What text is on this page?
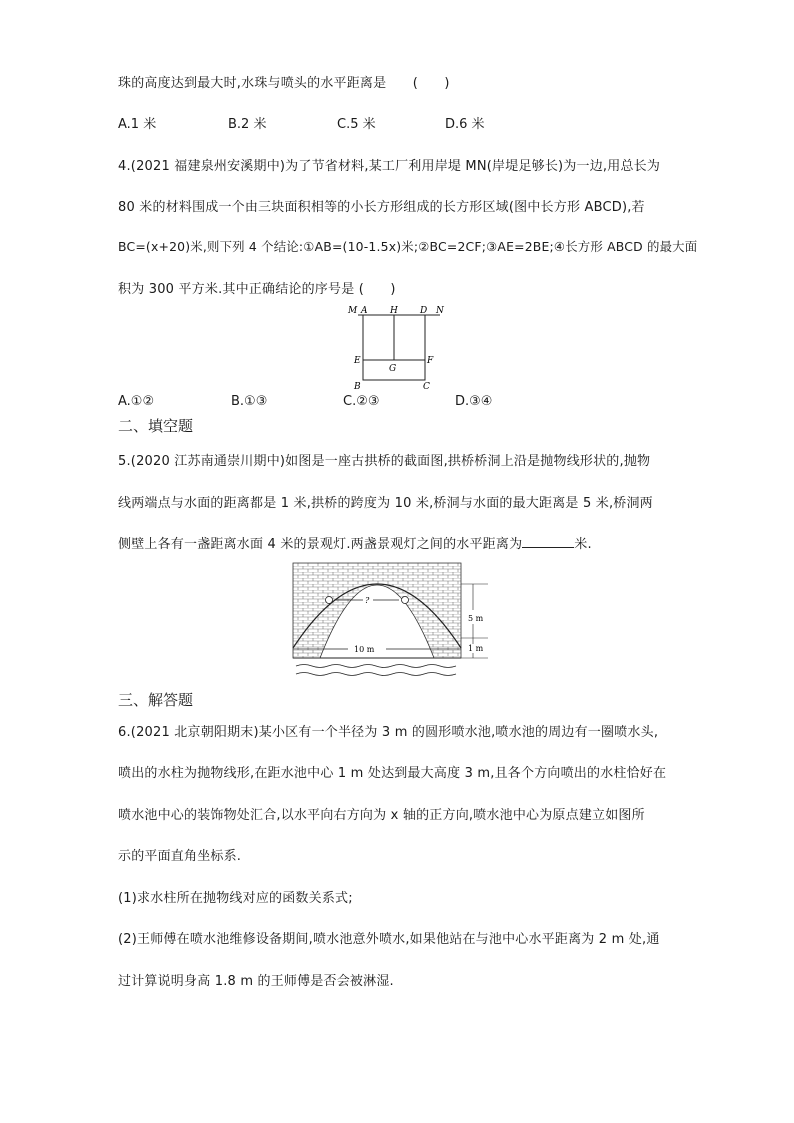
珠的高度达到最大时,水珠与喷头的水平距离是　　(　　)
A.1 米	B.2 米	C.5 米	D.6 米
4.(2021 福建泉州安溪期中)为了节省材料,某工厂利用岸堤 MN(岸堤足够长)为一边,用总长为
80 米的材料围成一个由三块面积相等的小长方形组成的长方形区域(图中长方形 ABCD),若
BC=(x+20)米,则下列 4 个结论:①AB=(10-1.5x)米;②BC=2CF;③AE=2BE;④长方形 ABCD 的最大面
积为 300 平方米.其中正确结论的序号是 (　　)
M A	H D N
E
G
F
B	C
A.①②	B.①③	C.②③	D.③④
二、填空题
5.(2020 江苏南通崇川期中)如图是一座古拱桥的截面图,拱桥桥洞上沿是抛物线形状的,抛物
线两端点与水面的距离都是 1 米,拱桥的跨度为 10 米,桥洞与水面的最大距离是 5 米,桥洞两
侧壁上各有一盏距离水面 4 米的景观灯.两盏景观灯之间的水平距离为	米.
?
10 m
5 m
1 m
三、解答题
6.(2021 北京朝阳期末)某小区有一个半径为 3 m 的圆形喷水池,喷水池的周边有一圈喷水头,
喷出的水柱为抛物线形,在距水池中心 1 m 处达到最大高度 3 m,且各个方向喷出的水柱恰好在
喷水池中心的装饰物处汇合,以水平向右方向为 x 轴的正方向,喷水池中心为原点建立如图所
示的平面直角坐标系.
(1)求水柱所在抛物线对应的函数关系式;
(2)王师傅在喷水池维修设备期间,喷水池意外喷水,如果他站在与池中心水平距离为 2 m 处,通
过计算说明身高 1.8 m 的王师傅是否会被淋湿.
